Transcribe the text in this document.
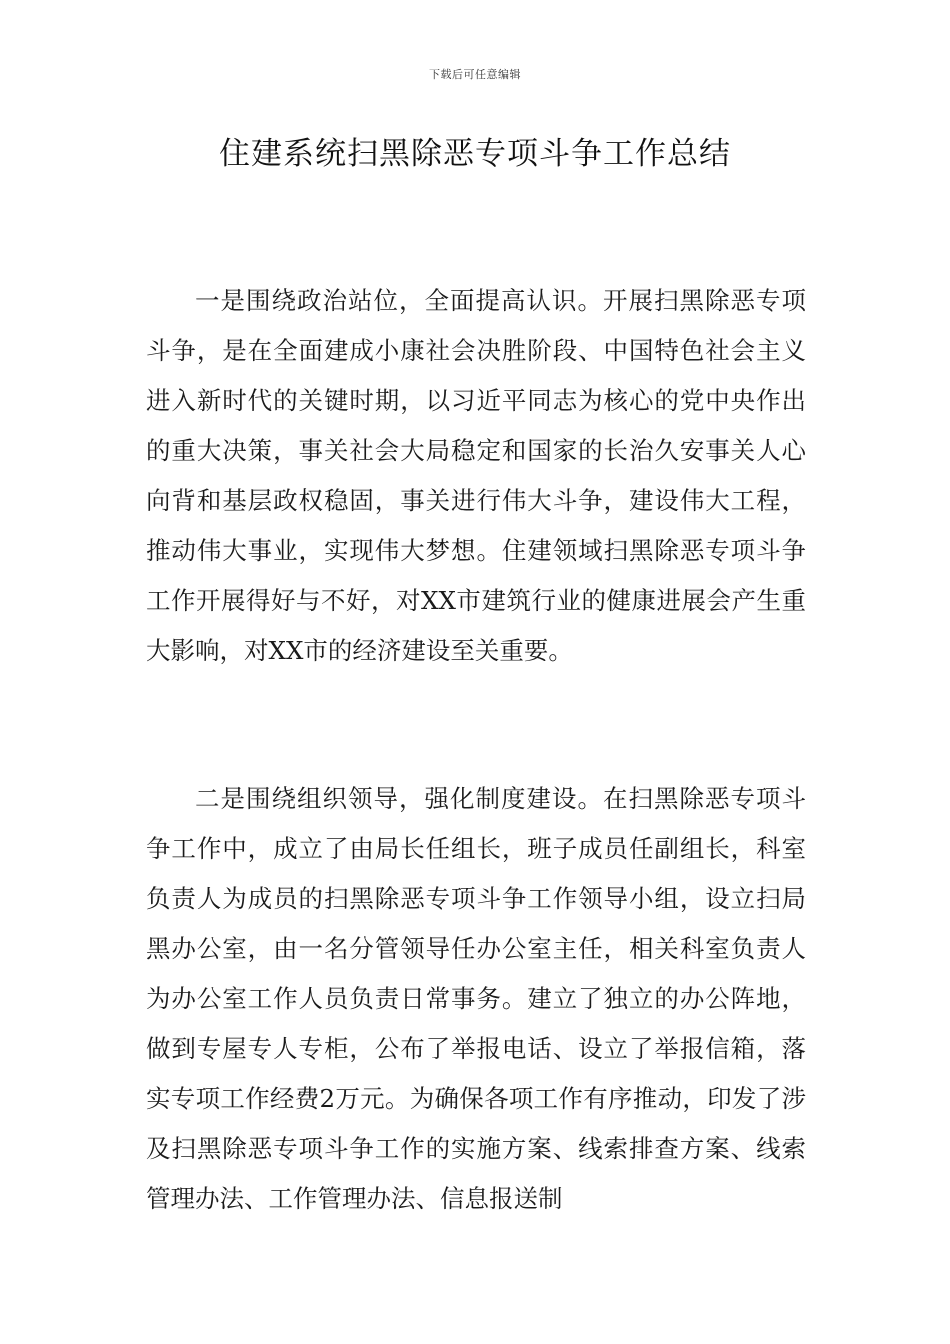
下载后可任意编辑
住建系统扫黑除恶专项斗争工作总结

一是围绕政治站位，全面提高认识。开展扫黑除恶专项斗争，是在全面建成小康社会决胜阶段、中国特色社会主义进入新时代的关键时期，以习近平同志为核心的党中央作出的重大决策，事关社会大局稳定和国家的长治久安事关人心向背和基层政权稳固，事关进行伟大斗争，建设伟大工程，推动伟大事业，实现伟大梦想。住建领域扫黑除恶专项斗争工作开展得好与不好，对XX市建筑行业的健康进展会产生重大影响，对XX市的经济建设至关重要。

二是围绕组织领导，强化制度建设。在扫黑除恶专项斗争工作中，成立了由局长任组长，班子成员任副组长，科室负责人为成员的扫黑除恶专项斗争工作领导小组，设立扫局黑办公室，由一名分管领导任办公室主任，相关科室负责人为办公室工作人员负责日常事务。建立了独立的办公阵地，做到专屋专人专柜，公布了举报电话、设立了举报信箱，落实专项工作经费2万元。为确保各项工作有序推动，印发了涉及扫黑除恶专项斗争工作的实施方案、线索排查方案、线索管理办法、工作管理办法、信息报送制
